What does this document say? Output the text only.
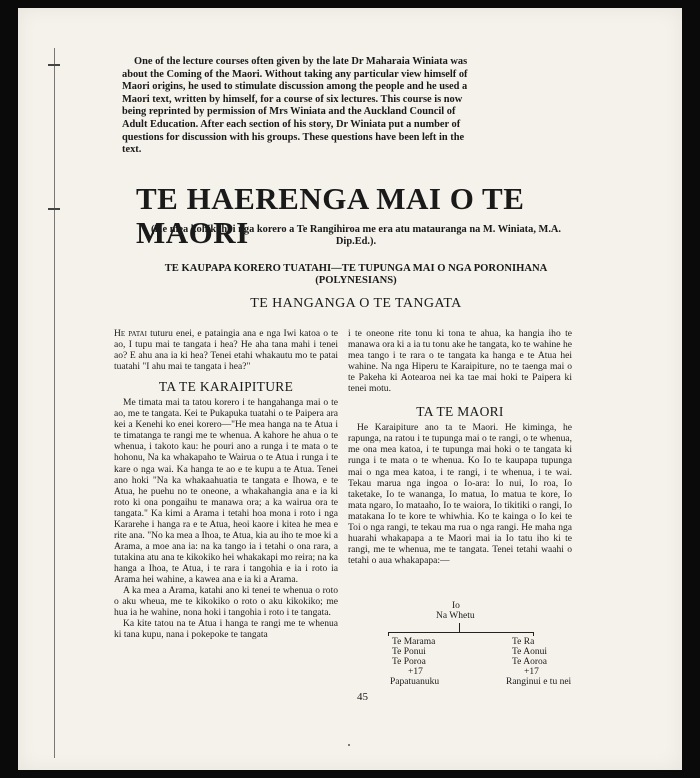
One of the lecture courses often given by the late Dr Maharaia Winiata was about the Coming of the Maori. Without taking any particular view himself of Maori origins, he used to stimulate discussion among the people and he used a Maori text, written by himself, for a course of six lectures. This course is now being reprinted by permission of Mrs Winiata and the Auckland Council of Adult Education. After each section of his story, Dr Winiata put a number of questions for discussion with his groups. These questions have been left in the text.

TE HAERENGA MAI O TE MAORI

(He mea kohikohi i nga korero a Te Rangihiroa me era atu matauranga na M. Winiata, M.A. Dip.Ed.).

TE KAUPAPA KORERO TUATAHI—TE TUPUNGA MAI O NGA PORONIHANA (POLYNESIANS)

TE HANGANGA O TE TANGATA

He patai tuturu enei, e pataingia ana e nga Iwi katoa o te ao, I tupu mai te tangata i hea? He aha tana mahi i tenei ao? E ahu ana ia ki hea? Tenei etahi whakautu mo te patai tuatahi "I ahu mai te tangata i hea?"

TA TE KARAIPITURE

Me timata mai ta tatou korero i te hangahanga mai o te ao, me te tangata. Kei te Pukapuka tuatahi o te Paipera ara kei a Kenehi ko enei korero—"He mea hanga na te Atua i te timatanga te rangi me te whenua. A kahore he ahua o te whenua, i takoto kau: he pouri ano a runga i te mata o te hohonu, Na ka whakapaho te Wairua o te Atua i runga i te kare o nga wai. Ka hanga te ao e te kupu a te Atua. Tenei ano hoki "Na ka whakaahuatia te tangata e Ihowa, e te Atua, he puehu no te oneone, a whakahangia ana e ia ki roto ki ona pongaihu te manawa ora; a ka wairua ora te tangata." Ka kimi a Arama i tetahi hoa mona i roto i nga Kararehe i hanga ra e te Atua, heoi kaore i kitea he mea e rite ana. "No ka mea a Ihoa, te Atua, kia au iho te moe ki a Arama, a moe ana ia: na ka tango ia i tetahi o ona rara, a tutakina atu ana te kikokiko hei whakakapi mo reira; na ka hanga a Ihoa, te Atua, i te rara i tangohia e ia i roto ia Arama hei wahine, a kawea ana e ia ki a Arama.

A ka mea a Arama, katahi ano ki tenei te whenua o roto o aku wheua, me te kikokiko o roto o aku kikokiko; me hua ia he wahine, nona hoki i tangohia i roto i te tangata.

Ka kite tatou na te Atua i hanga te rangi me te whenua ki tana kupu, nana i pokepoke te tangata

i te oneone rite tonu ki tona te ahua, ka hangia iho te manawa ora ki a ia tu tonu ake he tangata, ko te wahine he mea tango i te rara o te tangata ka hanga e te Atua hei wahine. Na nga Hiperu te Karaipiture, no te taenga mai o te Pakeha ki Aotearoa nei ka tae mai hoki te Paipera ki tenei motu.

TA TE MAORI

He Karaipiture ano ta te Maori. He kiminga, he rapunga, na ratou i te tupunga mai o te rangi, o te whenua, me ona mea katoa, i te tupunga mai hoki o te tangata ki runga i te mata o te whenua. Ko Io te kaupapa tupunga mai o nga mea katoa, i te rangi, i te whenua, i te wai. Tekau marua nga ingoa o Io-ara: Io nui, Io roa, Io taketake, Io te wananga, Io matua, Io matua te kore, Io mata ngaro, Io mataaho, Io te waiora, Io tikitiki o rangi, Io matakana Io te kore te whiwhia. Ko te kainga o Io kei te Toi o nga rangi, te tekau ma rua o nga rangi. He maha nga huarahi whakapapa a te Maori mai ia Io tatu iho ki te rangi, me te whenua, me te tangata. Tenei tetahi waahi o tetahi o aua whakapapa:—

Io
Na Whetu
Te Marama
Te Ponui
Te Poroa
Te Ra
Te Aonui
Te Aoroa
+17	+17
Papatuanuku	Ranginui e tu nei
45
